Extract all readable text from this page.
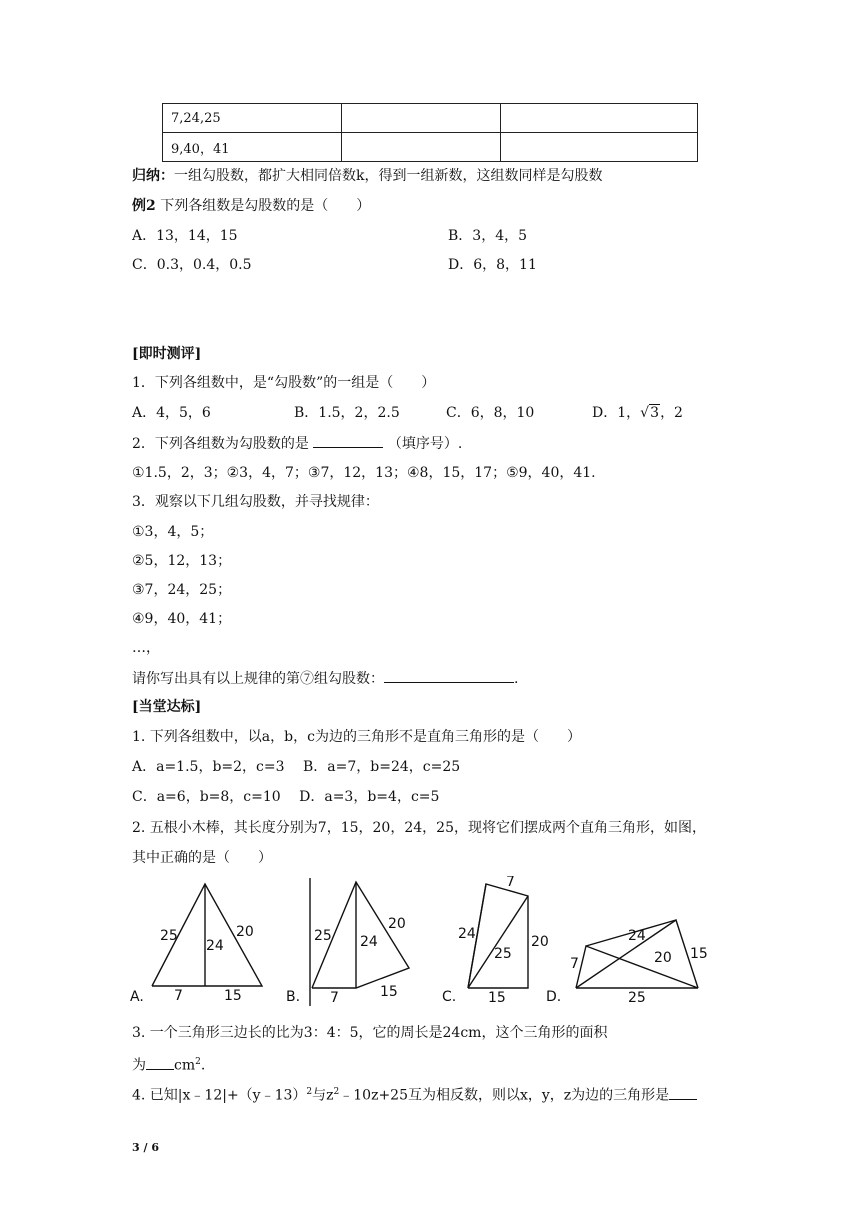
7,24,25		
9,40，41		
归纳：一组勾股数，都扩大相同倍数k，得到一组新数，这组数同样是勾股数
例2 下列各组数是勾股数的是（　　）
A．13，14，15	B．3，4，5
C．0.3，0.4，0.5	D．6，8，11
[即时测评]
1．下列各组数中，是“勾股数”的一组是（　　）
A．4，5，6	B．1.5，2，2.5	C．6，8，10	D．1， √ 3，2
2．下列各组数为勾股数的是	（填序号）.
①1.5，2，3；②3，4，7；③7，12，13；④8，15，17；⑤9，40，41.
3．观察以下几组勾股数，并寻找规律：
①3，4，5；
②5，12，13；
③7，24，25；
④9，40，41；
…，
请你写出具有以上规律的第⑦组勾股数：	.
[当堂达标]
1. 下列各组数中，以a，b，c为边的三角形不是直角三角形的是（　　）
A．a=1.5，b=2，c=3　 B．a=7，b=24，c=25
C．a=6，b=8，c=10　 D．a=3，b=4，c=5
2. 五根小木棒，其长度分别为7，15，20，24，25，现将它们摆成两个直角三角形，如图，
其中正确的是（　　）
25
24
20
7	15
A.
25 24
20
7	15
B.
7
24
25
20
15
C.
24
7	20 15
25
D.
3. 一个三角形三边长的比为3：4：5，它的周长是24cm，这个三角形的面积
为 $cm^2$.
4. 已知|x﹣12|+（y﹣13）$^2$与$z^2﹣10z+25$互为相反数，则以x，y，z为边的三角形是
3 / 6
